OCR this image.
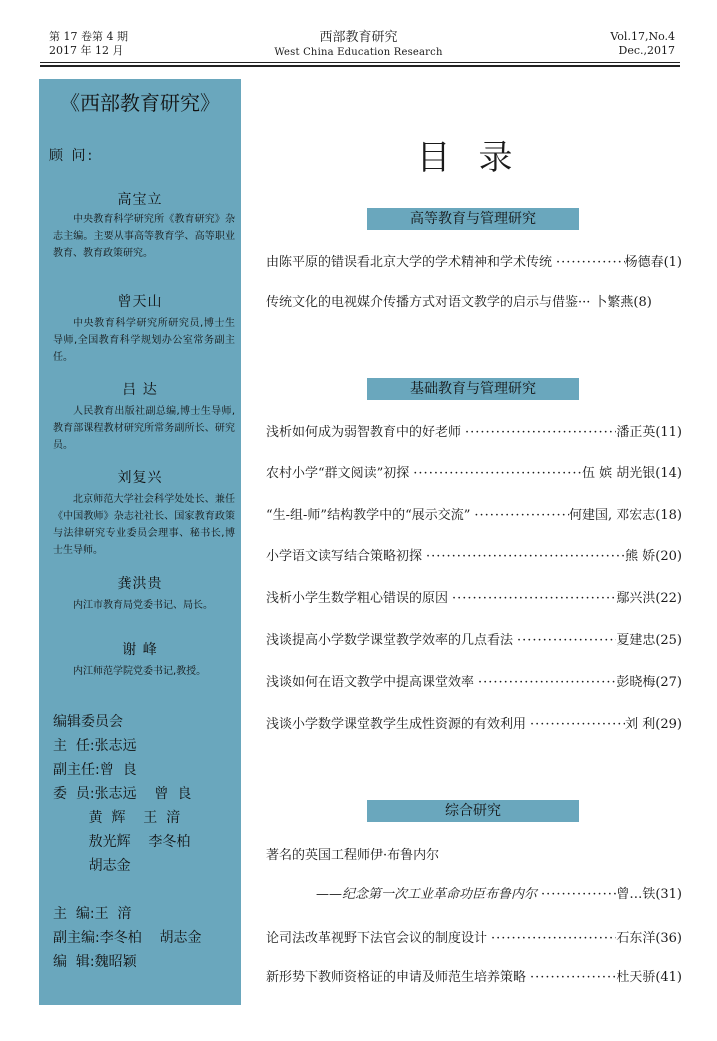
第 17 卷第 4 期
2017 年 12 月
西部教育研究
West China Education Research
Vol.17,No.4
Dec.,2017
《西部教育研究》
顾 问:
高宝立
中央教育科学研究所《教育研究》杂志主编。主要从事高等教育学、高等职业教育、教育政策研究。
曾天山
中央教育科学研究所研究员,博士生导师,全国教育科学规划办公室常务副主任。
吕 达
人民教育出版社副总编,博士生导师,教育部课程教材研究所常务副所长、研究员。
刘复兴
北京师范大学社会科学处处长、兼任《中国教师》杂志社社长、国家教育政策与法律研究专业委员会理事、秘书长,博士生导师。
龚洪贵
内江市教育局党委书记、局长。
谢 峰
内江师范学院党委书记,教授。
编辑委员会
主  任:张志远
副主任:曾  良
委  员:张志远    曾  良
黄  辉    王  湇
敖光辉    李冬柏
胡志金
主  编:王  湇
副主编:李冬柏    胡志金
编  辑:魏昭颖
目录
高等教育与管理研究
由陈平原的错误看北京大学的学术精神和学术传统 ·····	杨德春(1)
传统文化的电视媒介传播方式对语文教学的启示与借鉴··· 卜繁燕(8)
基础教育与管理研究
浅析如何成为弱智教育中的好老师 ·····	潘正英(11)
农村小学“群文阅读”初探 ·····	伍 嫔 胡光银(14)
“生-组-师”结构教学中的“展示交流” ·····	何建国, 邓宏志(18)
小学语文读写结合策略初探 ·····	熊 娇(20)
浅析小学生数学粗心错误的原因 ·····	鄢兴洪(22)
浅谈提高小学数学课堂教学效率的几点看法 ·····	夏建忠(25)
浅谈如何在语文教学中提高课堂效率 ·····	彭晓梅(27)
浅谈小学数学课堂教学生成性资源的有效利用 ·····	刘 利(29)
综合研究
著名的英国工程师伊·布鲁内尔
——纪念第一次工业革命功臣布鲁内尔 ·····	曾…铁(31)
论司法改革视野下法官会议的制度设计 ·····	石东洋(36)
新形势下教师资格证的申请及师范生培养策略 ·····	杜天骄(41)
